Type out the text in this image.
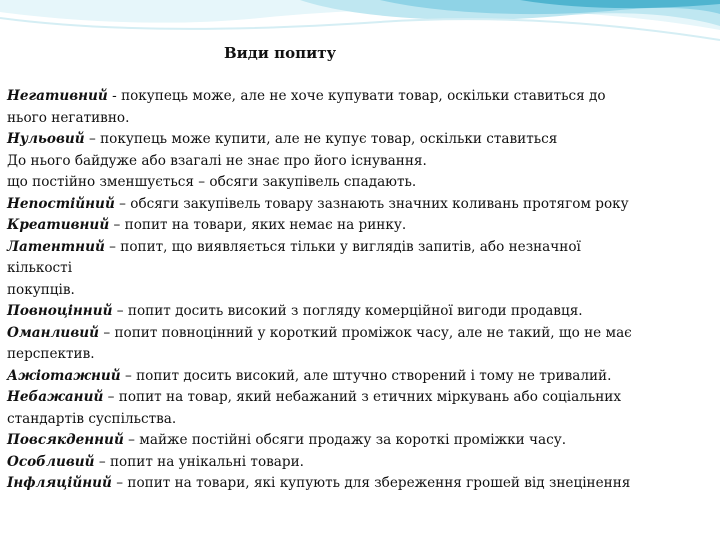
Види попиту
Негативний - покупець може, але не хоче купувати товар, оскільки ставиться до
нього негативно.
Нульовий – покупець може купити, але не купує товар, оскільки ставиться
До нього байдуже або взагалі не знає про його існування.
що постійно зменшується – обсяги закупівель спадають.
Непостійний – обсяги закупівель товару зазнають значних коливань протягом року
Креативний – попит на товари, яких немає на ринку.
Латентний – попит, що виявляється тільки у виглядів запитів, або незначної
кількості
покупців.
Повноцінний – попит досить високий з погляду комерційної вигоди продавця.
Оманливий – попит повноцінний у короткий проміжок часу, але не такий, що не має
перспектив.
Ажіотажний – попит досить високий, але штучно створений і тому не тривалий.
Небажаний – попит на товар, який небажаний з етичних міркувань або соціальних
стандартів суспільства.
Повсякденний – майже постійні обсяги продажу за короткі проміжки часу.
Особливий – попит на унікальні товари.
Інфляційний – попит на товари, які купують для збереження грошей від знецінення
